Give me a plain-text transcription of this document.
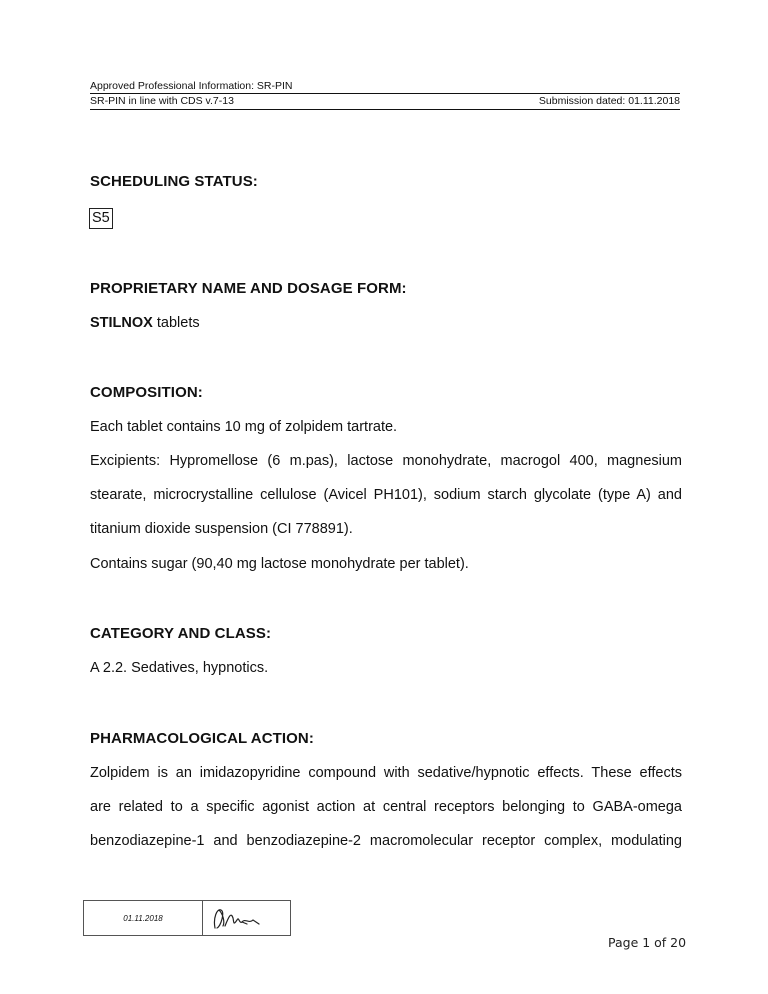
Approved Professional Information: SR-PIN
SR-PIN in line with CDS v.7-13	Submission dated: 01.11.2018
SCHEDULING STATUS:
S5
PROPRIETARY NAME AND DOSAGE FORM:
STILNOX tablets
COMPOSITION:
Each tablet contains 10 mg of zolpidem tartrate.
Excipients: Hypromellose (6 m.pas), lactose monohydrate, macrogol 400, magnesium
stearate, microcrystalline cellulose (Avicel PH101), sodium starch glycolate (type A) and
titanium dioxide suspension (CI 778891).
Contains sugar (90,40 mg lactose monohydrate per tablet).
CATEGORY AND CLASS:
A 2.2. Sedatives, hypnotics.
PHARMACOLOGICAL ACTION:
Zolpidem is an imidazopyridine compound with sedative/hypnotic effects. These effects
are related to a specific agonist action at central receptors belonging to GABA-omega
benzodiazepine-1 and benzodiazepine-2 macromolecular receptor complex, modulating
01.11.2018
Page 1 of 20
